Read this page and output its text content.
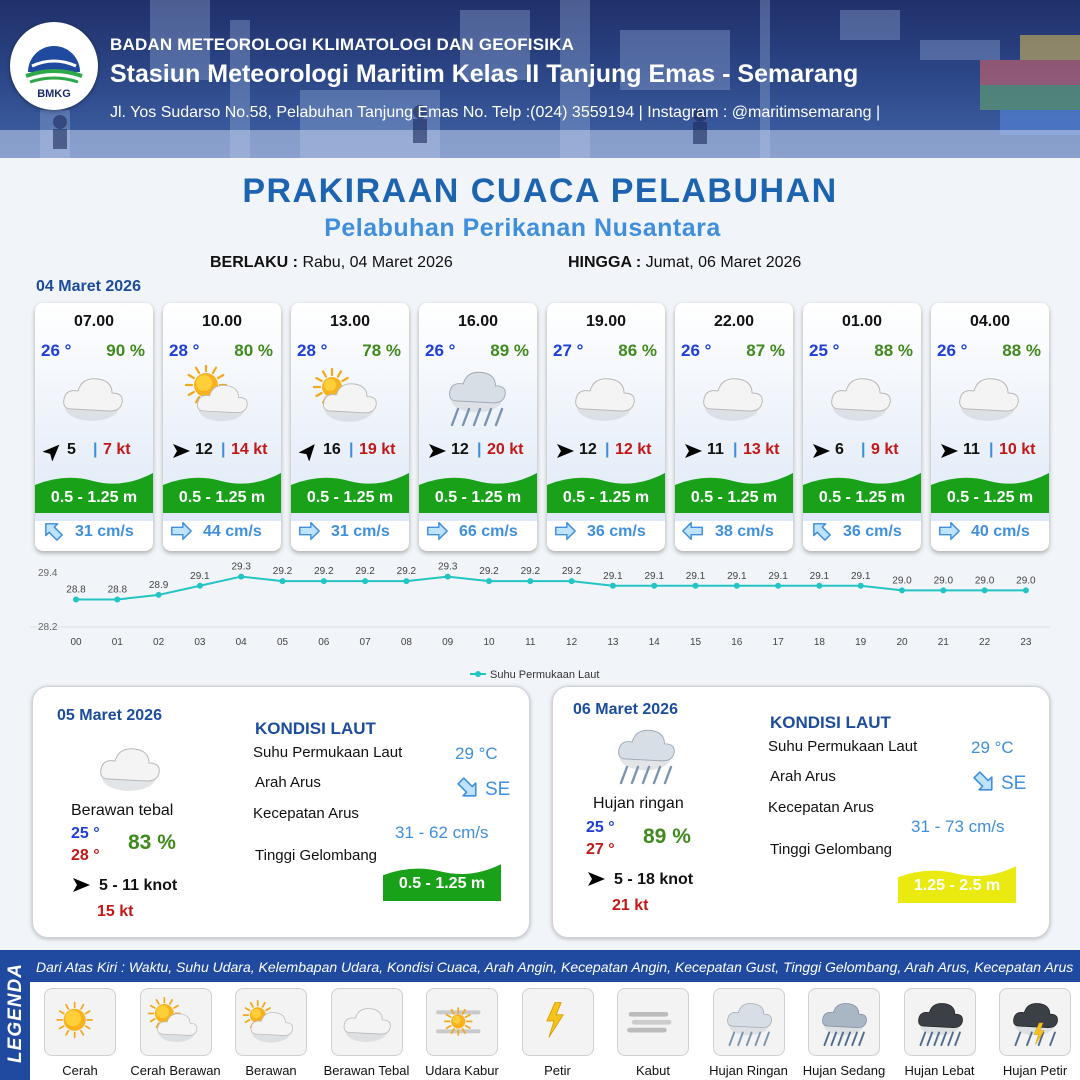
BMKG
BADAN METEOROLOGI KLIMATOLOGI DAN GEOFISIKA
Stasiun Meteorologi Maritim Kelas II Tanjung Emas - Semarang
Jl. Yos Sudarso No.58, Pelabuhan Tanjung Emas No. Telp :(024) 3559194 | Instagram : @maritimsemarang |
PRAKIRAAN CUACA PELABUHAN
Pelabuhan Perikanan Nusantara
BERLAKU : Rabu, 04 Maret 2026	HINGGA : Jumat, 06 Maret 2026
04 Maret 2026
07.00
26 ° 90 %
5 | 7 kt
0.5 - 1.25 m
31 cm/s
10.00
28 ° 80 %
12 | 14 kt
0.5 - 1.25 m
44 cm/s
13.00
28 ° 78 %
16 | 19 kt
0.5 - 1.25 m
31 cm/s
16.00
26 ° 89 %
12 | 20 kt
0.5 - 1.25 m
66 cm/s
19.00
27 ° 86 %
12 | 12 kt
0.5 - 1.25 m
36 cm/s
22.00
26 ° 87 %
11 | 13 kt
0.5 - 1.25 m
38 cm/s
01.00
25 ° 88 %
6 | 9 kt
0.5 - 1.25 m
36 cm/s
04.00
26 ° 88 %
11 | 10 kt
0.5 - 1.25 m
40 cm/s
29.4
28.2
28.8
00
28.8
01
28.9
02
29.1
03
29.3
04
29.2
05
29.2
06
29.2
07
29.2
08
29.3
09
29.2
10
29.2
11
29.2
12
29.1
13
29.1
14
29.1
15
29.1
16
29.1
17
29.1
18
29.1
19
29.0
20
29.0
21
29.0
22
29.0
23
Suhu Permukaan Laut
05 Maret 2026
Berawan tebal
25 °
28 °
83 %
5 - 11 knot
15 kt
KONDISI LAUT
Suhu Permukaan Laut	29 °C
Arah Arus	SE
Kecepatan Arus
31 - 62 cm/s
Tinggi Gelombang
0.5 - 1.25 m
06 Maret 2026
Hujan ringan
25 °
27 °
89 %
5 - 18 knot
21 kt
KONDISI LAUT
Suhu Permukaan Laut	29 °C
Arah Arus	SE
Kecepatan Arus
31 - 73 cm/s
Tinggi Gelombang
1.25 - 2.5 m
LEGENDA Dari Atas Kiri : Waktu, Suhu Udara, Kelembapan Udara, Kondisi Cuaca, Arah Angin, Kecepatan Angin, Kecepatan Gust, Tinggi Gelombang, Arah Arus, Kecepatan Arus
Cerah	Cerah Berawan	Berawan	Berawan Tebal	Udara Kabur	Petir	Kabut	Hujan Ringan	Hujan Sedang	Hujan Lebat	Hujan Petir
